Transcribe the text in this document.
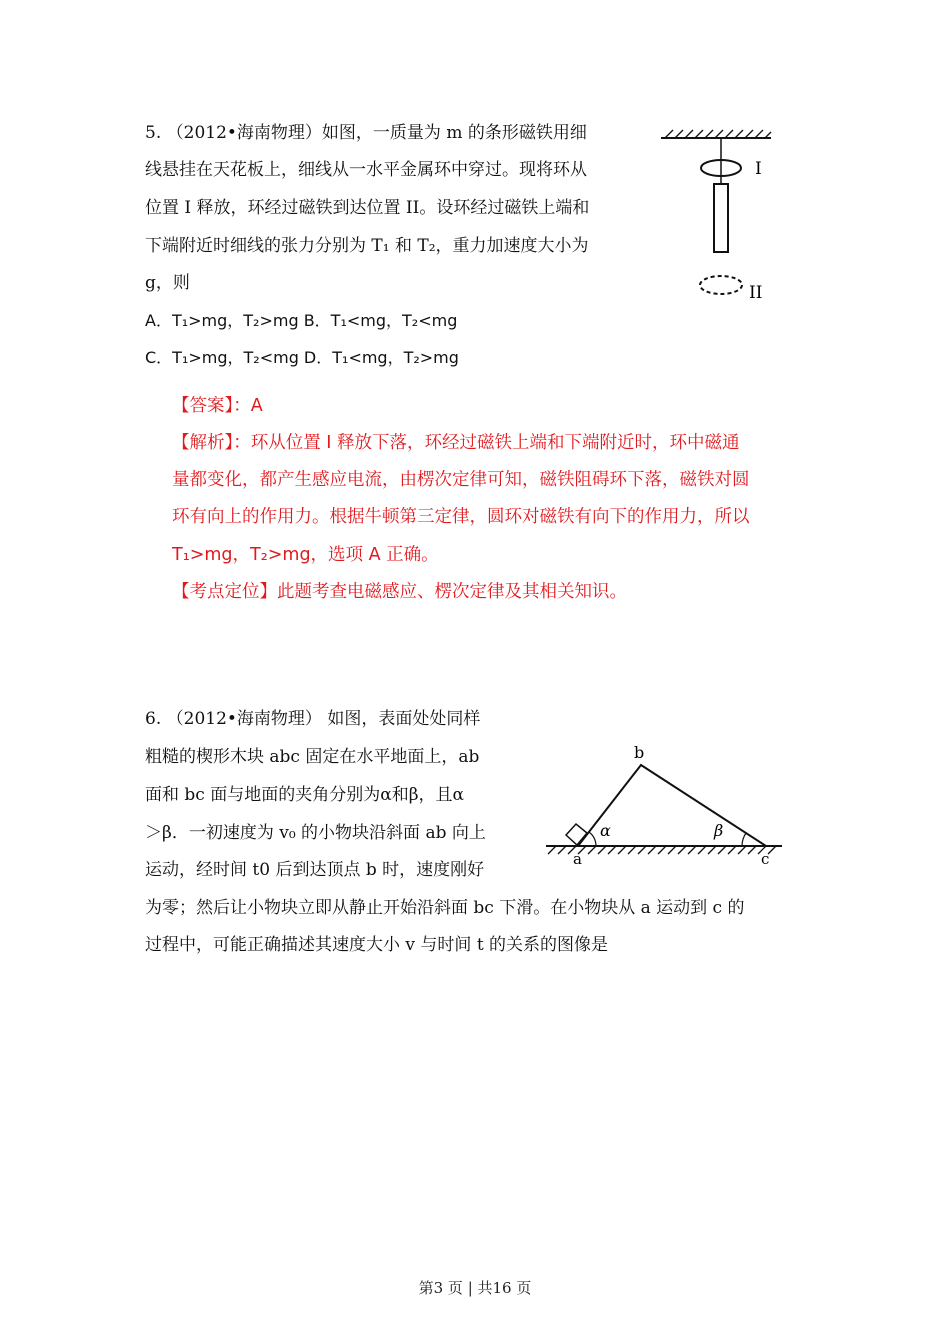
5. （2012•海南物理）如图，一质量为 m 的条形磁铁用细
线悬挂在天花板上，细线从一水平金属环中穿过。现将环从
位置 I 释放，环经过磁铁到达位置 II。设环经过磁铁上端和
下端附近时细线的张力分别为 T₁ 和 T₂，重力加速度大小为
g，则
A．T₁>mg，T₂>mg B．T₁<mg，T₂<mg
C．T₁>mg，T₂<mg D．T₁<mg，T₂>mg
I
II
【答案】：A
【解析】：环从位置 I 释放下落，环经过磁铁上端和下端附近时，环中磁通
量都变化，都产生感应电流，由楞次定律可知，磁铁阻碍环下落，磁铁对圆
环有向上的作用力。根据牛顿第三定律，圆环对磁铁有向下的作用力，所以
T₁>mg，T₂>mg，选项 A 正确。
【考点定位】此题考查电磁感应、楞次定律及其相关知识。
6. （2012•海南物理） 如图，表面处处同样
粗糙的楔形木块 abc 固定在水平地面上，ab
面和 bc 面与地面的夹角分别为α和β，且α
＞β．一初速度为 v₀ 的小物块沿斜面 ab 向上
运动，经时间 t0 后到达顶点 b 时，速度刚好
为零；然后让小物块立即从静止开始沿斜面 bc 下滑。在小物块从 a 运动到 c 的
过程中，可能正确描述其速度大小 v 与时间 t 的关系的图像是
α	β
b
a	c
第3 页 | 共16 页
